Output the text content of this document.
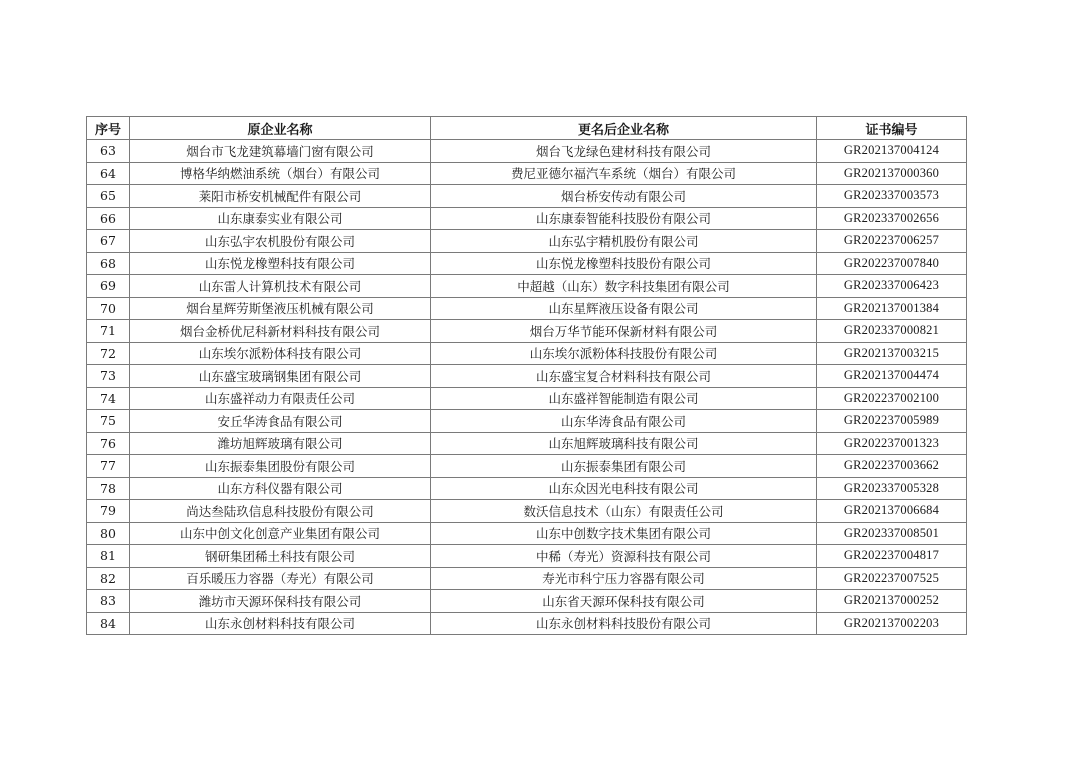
序号	原企业名称	更名后企业名称	证书编号
63	烟台市飞龙建筑幕墙门窗有限公司	烟台飞龙绿色建材科技有限公司	GR202137004124
64	博格华纳燃油系统（烟台）有限公司	费尼亚德尔福汽车系统（烟台）有限公司	GR202137000360
65	莱阳市桥安机械配件有限公司	烟台桥安传动有限公司	GR202337003573
66	山东康泰实业有限公司	山东康泰智能科技股份有限公司	GR202337002656
67	山东弘宇农机股份有限公司	山东弘宇精机股份有限公司	GR202237006257
68	山东悦龙橡塑科技有限公司	山东悦龙橡塑科技股份有限公司	GR202237007840
69	山东雷人计算机技术有限公司	中超越（山东）数字科技集团有限公司	GR202337006423
70	烟台星辉劳斯堡液压机械有限公司	山东星辉液压设备有限公司	GR202137001384
71	烟台金桥优尼科新材料科技有限公司	烟台万华节能环保新材料有限公司	GR202337000821
72	山东埃尔派粉体科技有限公司	山东埃尔派粉体科技股份有限公司	GR202137003215
73	山东盛宝玻璃钢集团有限公司	山东盛宝复合材料科技有限公司	GR202137004474
74	山东盛祥动力有限责任公司	山东盛祥智能制造有限公司	GR202237002100
75	安丘华涛食品有限公司	山东华涛食品有限公司	GR202237005989
76	潍坊旭辉玻璃有限公司	山东旭辉玻璃科技有限公司	GR202237001323
77	山东振泰集团股份有限公司	山东振泰集团有限公司	GR202237003662
78	山东方科仪器有限公司	山东众因光电科技有限公司	GR202337005328
79	尚达叁陆玖信息科技股份有限公司	数沃信息技术（山东）有限责任公司	GR202137006684
80	山东中创文化创意产业集团有限公司	山东中创数字技术集团有限公司	GR202337008501
81	钢研集团稀土科技有限公司	中稀（寿光）资源科技有限公司	GR202237004817
82	百乐暖压力容器（寿光）有限公司	寿光市科宁压力容器有限公司	GR202237007525
83	潍坊市天源环保科技有限公司	山东省天源环保科技有限公司	GR202137000252
84	山东永创材料科技有限公司	山东永创材料科技股份有限公司	GR202137002203
